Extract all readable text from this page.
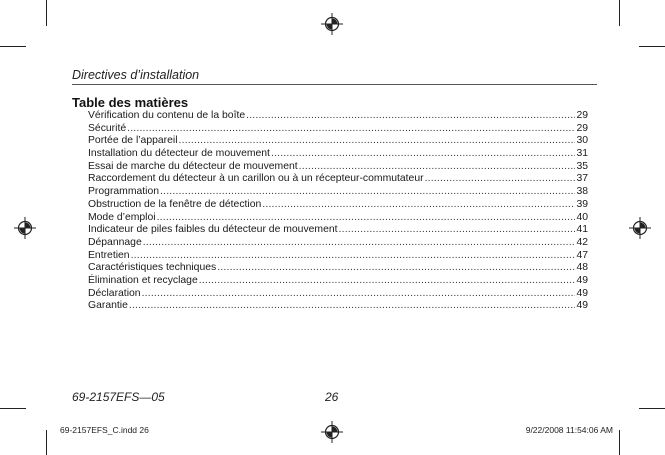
Directives d’installation
Table des matières
Vérification du contenu de la boîte .....	29
Sécurité .....	29
Portée de l’appareil .....	30
Installation du détecteur de mouvement .....	31
Essai de marche du détecteur de mouvement .....	35
Raccordement du détecteur à un carillon ou à un récepteur-commutateur .....	37
Programmation .....	38
Obstruction de la fenêtre de détection .....	39
Mode d’emploi .....	40
Indicateur de piles faibles du détecteur de mouvement .....	41
Dépannage .....	42
Entretien .....	47
Caractéristiques techniques .....	48
Élimination et recyclage .....	49
Déclaration .....	49
Garantie .....	49
69-2157EFS—05	26
69-2157EFS_C.indd 26	9/22/2008 11:54:06 AM
